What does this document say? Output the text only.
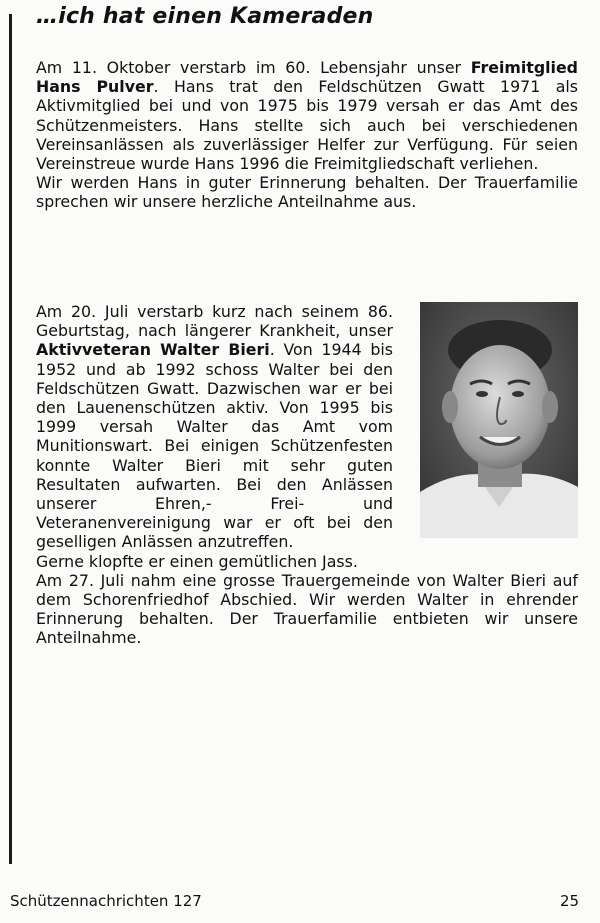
…ich hat einen Kameraden

Am 11. Oktober verstarb im 60. Lebensjahr unser Freimitglied Hans Pulver. Hans trat den Feldschützen Gwatt 1971 als Aktivmitglied bei und von 1975 bis 1979 versah er das Amt des Schützenmeisters. Hans stellte sich auch bei verschiedenen Vereinsanlässen als zuverlässiger Helfer zur Verfügung. Für seien Vereinstreue wurde Hans 1996 die Freimitgliedschaft verliehen.

Wir werden Hans in guter Erinnerung behalten. Der Trauerfamilie sprechen wir unsere herzliche Anteilnahme aus.

Am 20. Juli verstarb kurz nach seinem 86. Geburtstag, nach längerer Krankheit, unser Aktivveteran Walter Bieri. Von 1944 bis 1952 und ab 1992 schoss Walter bei den Feldschützen Gwatt. Dazwischen war er bei den Lauenenschützen aktiv. Von 1995 bis 1999 versah Walter das Amt vom Munitionswart. Bei einigen Schützenfesten konnte Walter Bieri mit sehr guten Resultaten aufwarten. Bei den Anlässen unserer Ehren,- Frei- und Veteranenvereinigung war er oft bei den geselligen Anlässen anzutreffen.

Gerne klopfte er einen gemütlichen Jass.

Am 27. Juli nahm eine grosse Trauergemeinde von Walter Bieri auf dem Schorenfriedhof Abschied. Wir werden Walter in ehrender Erinnerung behalten. Der Trauerfamilie entbieten wir unsere Anteilnahme.

Schützennachrichten 127	25
